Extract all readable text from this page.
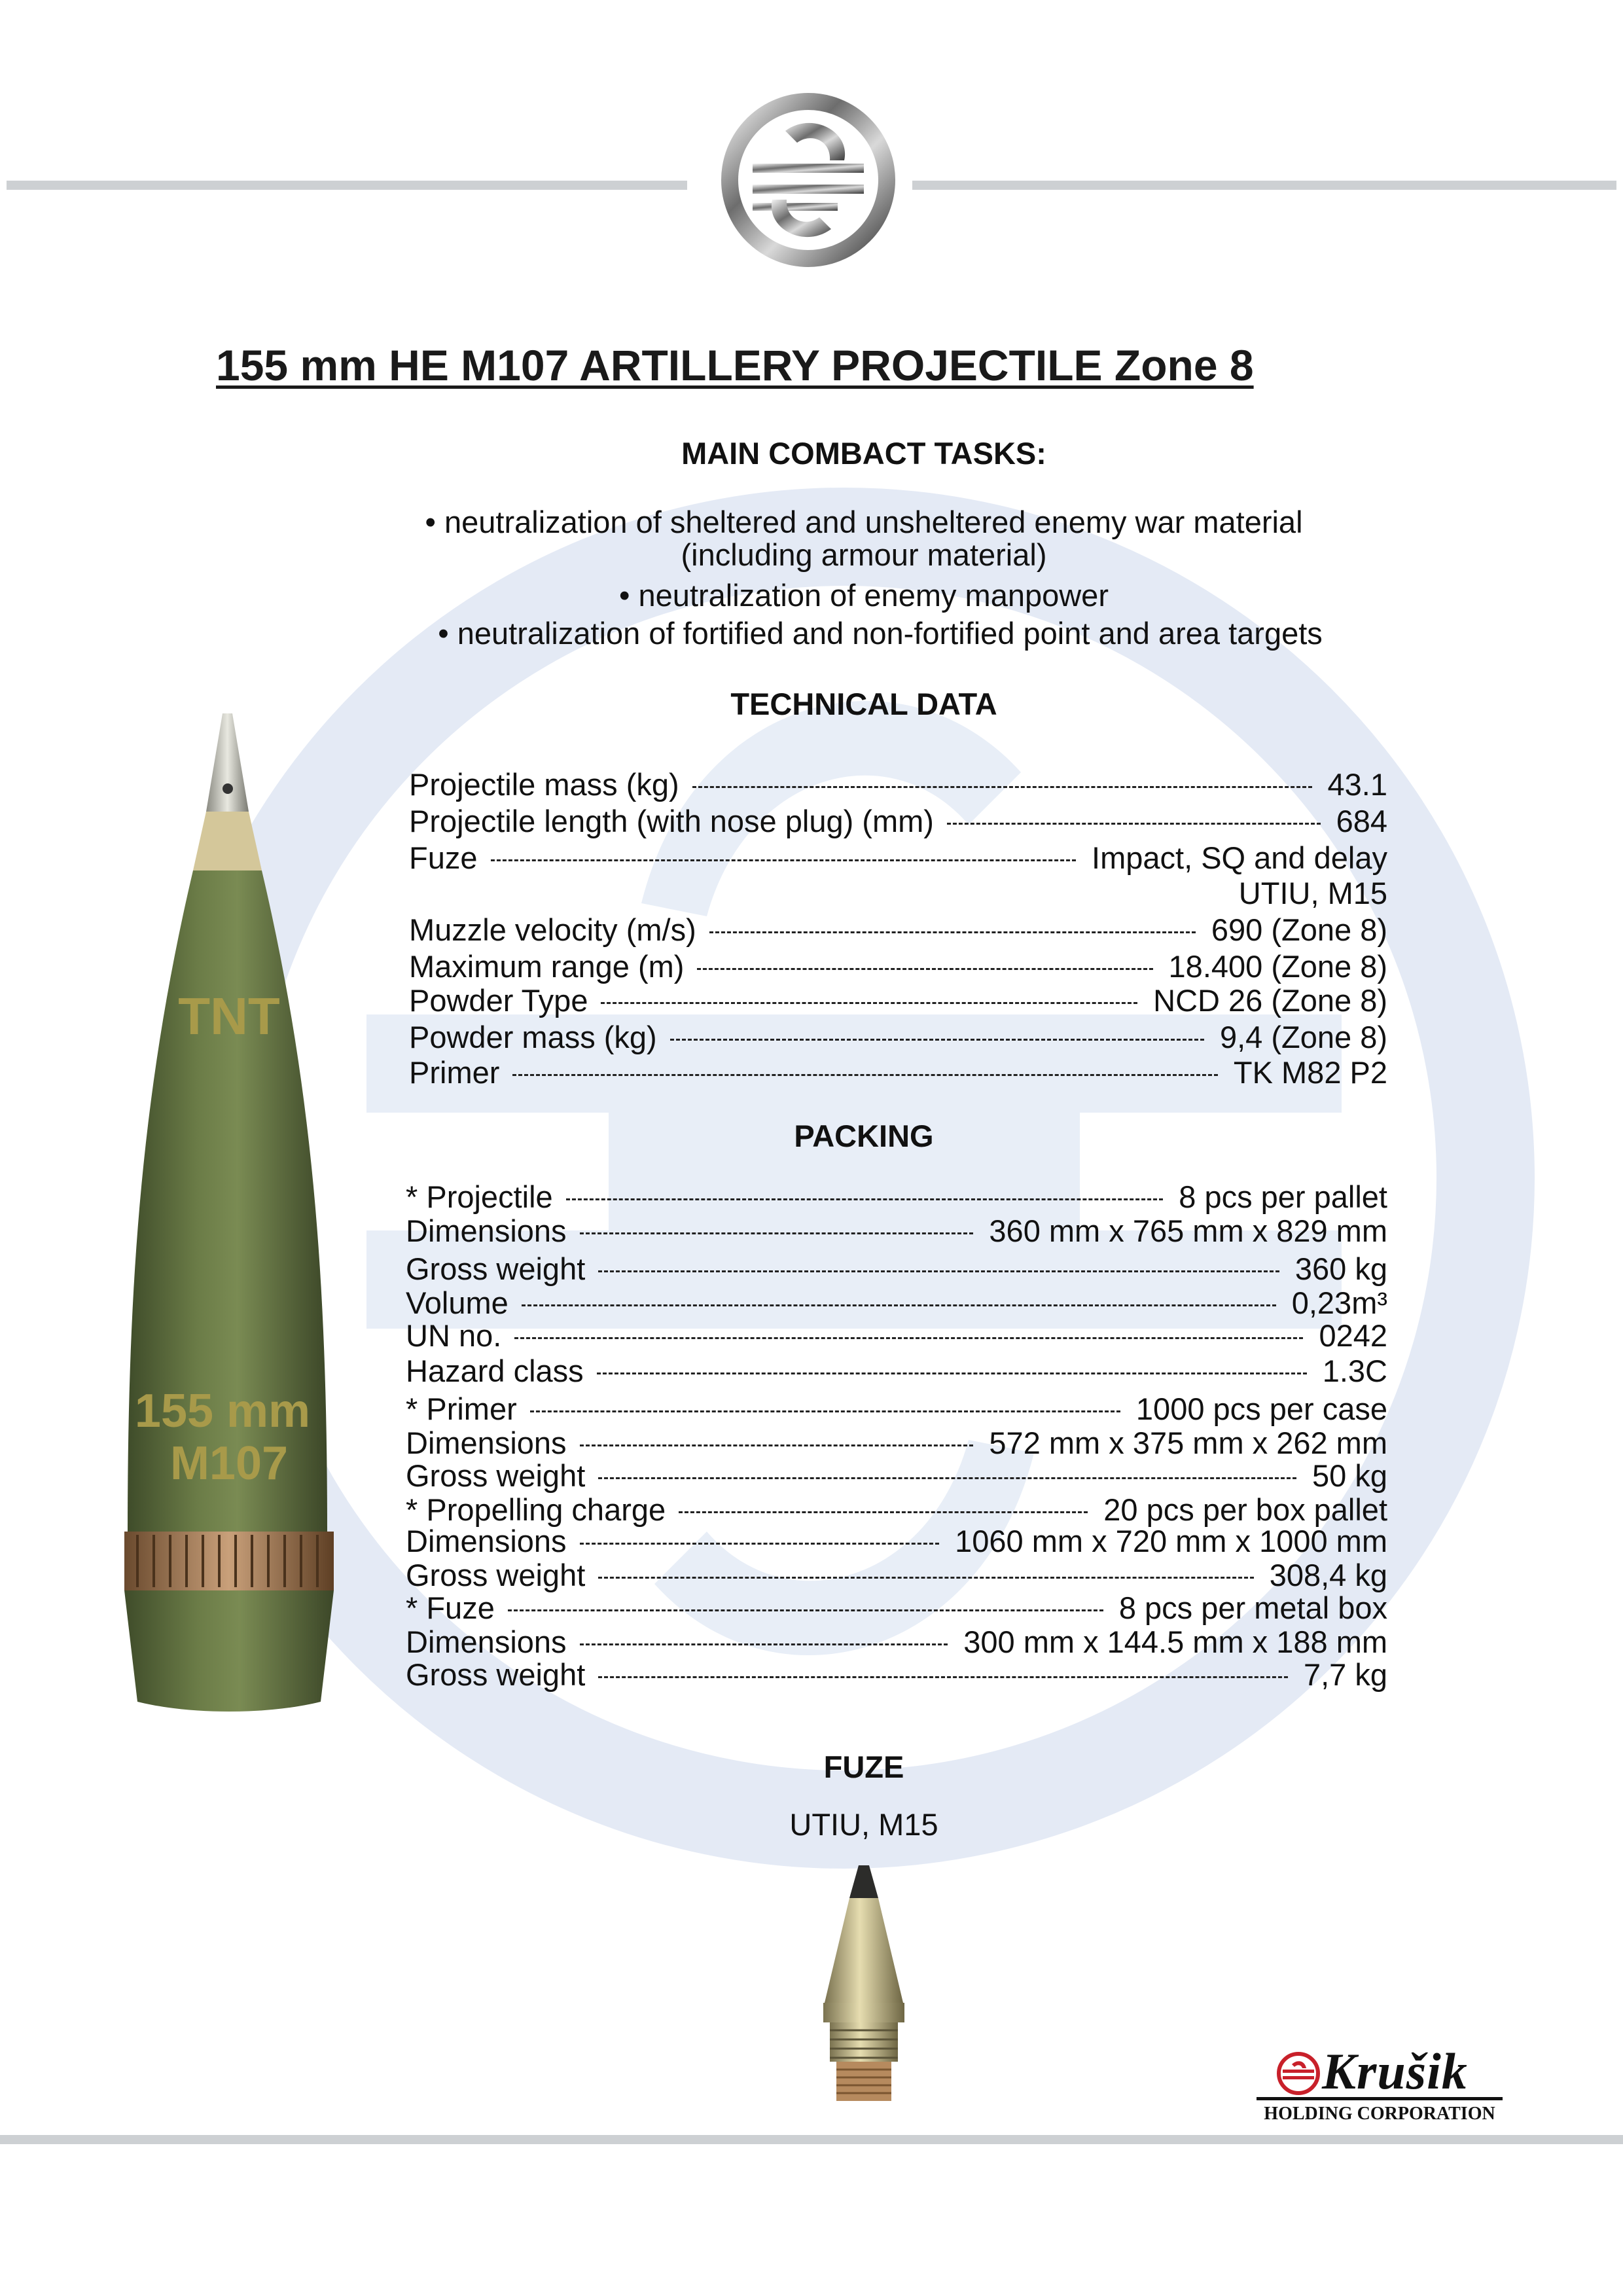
155 mm HE M107 ARTILLERY PROJECTILE Zone 8
MAIN COMBACT TASKS:
• neutralization of sheltered and unsheltered enemy war material
(including armour material)
• neutralization of enemy manpower
• neutralization of fortified and non-fortified point and area targets
TECHNICAL DATA
Projectile mass (kg)	43.1
Projectile length (with nose plug) (mm)	684
Fuze	Impact, SQ and delay
UTIU, M15
Muzzle velocity (m/s)	690 (Zone 8)
Maximum range (m)	18.400 (Zone 8)
Powder Type	NCD 26 (Zone 8)
Powder mass (kg)	9,4 (Zone 8)
Primer	TK M82 P2
PACKING
* Projectile	8 pcs per pallet
Dimensions	360 mm x 765 mm x 829 mm
Gross weight	360 kg
Volume	0,23m³
UN no.	0242
Hazard class	1.3C
* Primer	1000 pcs per case
Dimensions	572 mm x 375 mm x 262 mm
Gross weight	50 kg
* Propelling charge	20 pcs per box pallet
Dimensions	1060 mm x 720 mm x 1000 mm
Gross weight	308,4 kg
* Fuze	8 pcs per metal box
Dimensions	300 mm x 144.5 mm x 188 mm
Gross weight	7,7 kg
TNT
155 mm
M107
FUZE
UTIU, M15
Krušik
HOLDING CORPORATION
